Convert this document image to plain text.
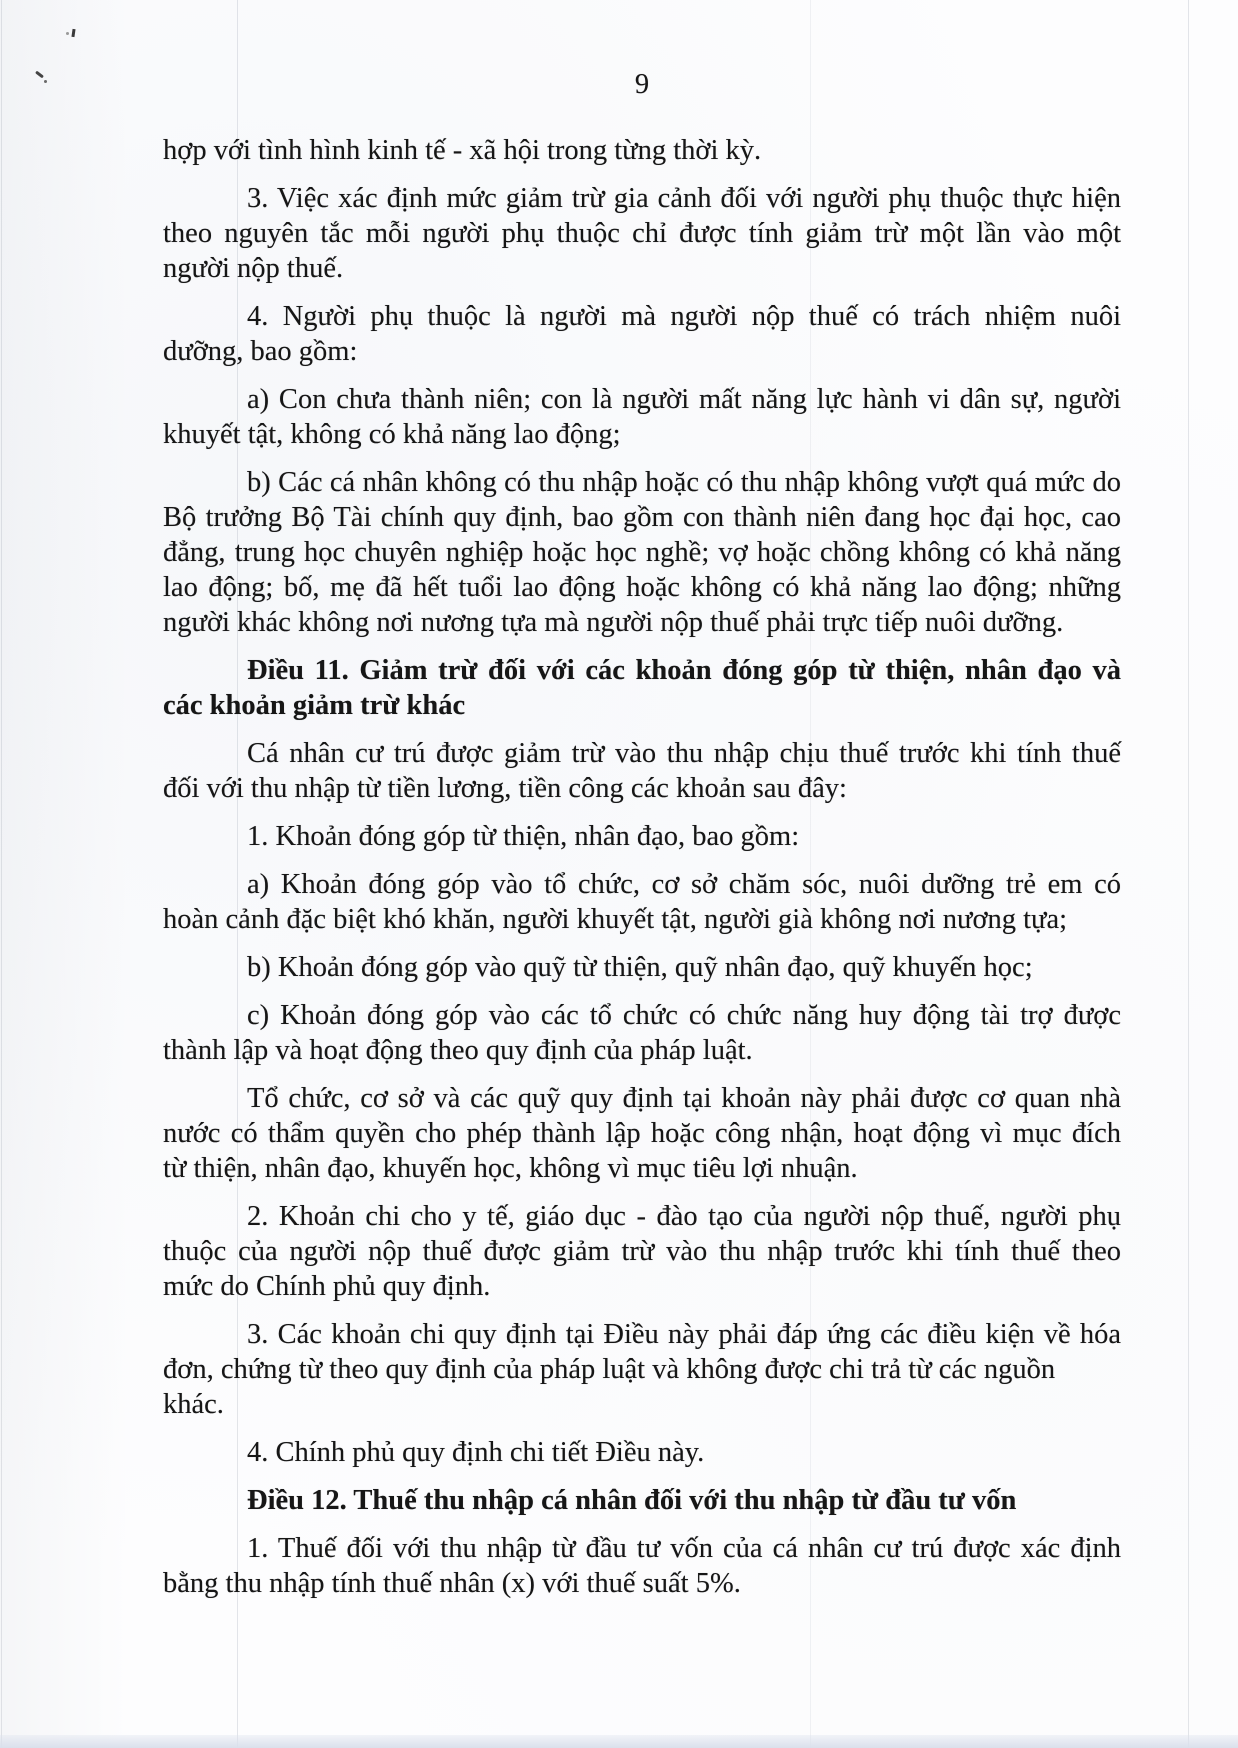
9
hợp với tình hình kinh tế - xã hội trong từng thời kỳ.
3. Việc xác định mức giảm trừ gia cảnh đối với người phụ thuộc thực hiện
theo nguyên tắc mỗi người phụ thuộc chỉ được tính giảm trừ một lần vào một
người nộp thuế.
4. Người phụ thuộc là người mà người nộp thuế có trách nhiệm nuôi
dưỡng, bao gồm:
a) Con chưa thành niên; con là người mất năng lực hành vi dân sự, người
khuyết tật, không có khả năng lao động;
b) Các cá nhân không có thu nhập hoặc có thu nhập không vượt quá mức do
Bộ trưởng Bộ Tài chính quy định, bao gồm con thành niên đang học đại học, cao
đẳng, trung học chuyên nghiệp hoặc học nghề; vợ hoặc chồng không có khả năng
lao động; bố, mẹ đã hết tuổi lao động hoặc không có khả năng lao động; những
người khác không nơi nương tựa mà người nộp thuế phải trực tiếp nuôi dưỡng.
Điều 11. Giảm trừ đối với các khoản đóng góp từ thiện, nhân đạo và
các khoản giảm trừ khác
Cá nhân cư trú được giảm trừ vào thu nhập chịu thuế trước khi tính thuế
đối với thu nhập từ tiền lương, tiền công các khoản sau đây:
1. Khoản đóng góp từ thiện, nhân đạo, bao gồm:
a) Khoản đóng góp vào tổ chức, cơ sở chăm sóc, nuôi dưỡng trẻ em có
hoàn cảnh đặc biệt khó khăn, người khuyết tật, người già không nơi nương tựa;
b) Khoản đóng góp vào quỹ từ thiện, quỹ nhân đạo, quỹ khuyến học;
c) Khoản đóng góp vào các tổ chức có chức năng huy động tài trợ được
thành lập và hoạt động theo quy định của pháp luật.
Tổ chức, cơ sở và các quỹ quy định tại khoản này phải được cơ quan nhà
nước có thẩm quyền cho phép thành lập hoặc công nhận, hoạt động vì mục đích
từ thiện, nhân đạo, khuyến học, không vì mục tiêu lợi nhuận.
2. Khoản chi cho y tế, giáo dục - đào tạo của người nộp thuế, người phụ
thuộc của người nộp thuế được giảm trừ vào thu nhập trước khi tính thuế theo
mức do Chính phủ quy định.
3. Các khoản chi quy định tại Điều này phải đáp ứng các điều kiện về hóa
đơn, chứng từ theo quy định của pháp luật và không được chi trả từ các nguồn khác.
4. Chính phủ quy định chi tiết Điều này.
Điều 12. Thuế thu nhập cá nhân đối với thu nhập từ đầu tư vốn
1. Thuế đối với thu nhập từ đầu tư vốn của cá nhân cư trú được xác định
bằng thu nhập tính thuế nhân (x) với thuế suất 5%.
